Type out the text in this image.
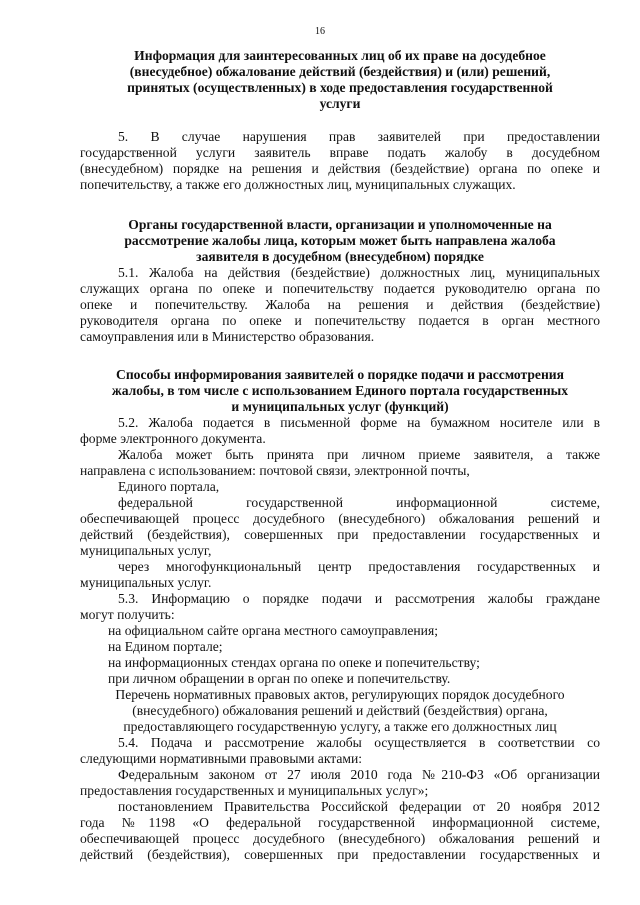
16

Информация для заинтересованных лиц об их праве на досудебное

(внесудебное) обжалование действий (бездействия) и (или) решений,

принятых (осуществленных) в ходе предоставления государственной

услуги

5. В случае нарушения прав заявителей при предоставлении

государственной услуги заявитель вправе подать жалобу в досудебном

(внесудебном) порядке на решения и действия (бездействие) органа по опеке и

попечительству, а также его должностных лиц, муниципальных служащих.

Органы государственной власти, организации и уполномоченные на

рассмотрение жалобы лица, которым может быть направлена жалоба

заявителя в досудебном (внесудебном) порядке

5.1. Жалоба на действия (бездействие) должностных лиц, муниципальных

служащих органа по опеке и попечительству подается руководителю органа по

опеке и попечительству. Жалоба на решения и действия (бездействие)

руководителя органа по опеке и попечительству подается в орган местного

самоуправления или в Министерство образования.

Способы информирования заявителей о порядке подачи и рассмотрения

жалобы, в том числе с использованием Единого портала государственных

и муниципальных услуг (функций)

5.2. Жалоба подается в письменной форме на бумажном носителе или в

форме электронного документа.

Жалоба может быть принята при личном приеме заявителя, а также

направлена с использованием: почтовой связи, электронной почты,

Единого портала,

федеральной государственной информационной системе,

обеспечивающей процесс досудебного (внесудебного) обжалования решений и

действий (бездействия), совершенных при предоставлении государственных и

муниципальных услуг,

через многофункциональный центр предоставления государственных и

муниципальных услуг.

5.3. Информацию о порядке подачи и рассмотрения жалобы граждане

могут получить:

на официальном сайте органа местного самоуправления;

на Едином портале;

на информационных стендах органа по опеке и попечительству;

при личном обращении в орган по опеке и попечительству.

Перечень нормативных правовых актов, регулирующих порядок досудебного

(внесудебного) обжалования решений и действий (бездействия) органа,

предоставляющего государственную услугу, а также его должностных лиц

5.4. Подача и рассмотрение жалобы осуществляется в соответствии со

следующими нормативными правовыми актами:

Федеральным законом от 27 июля 2010 года №210-ФЗ «Об организации

предоставления государственных и муниципальных услуг»;

постановлением Правительства Российской федерации от 20 ноября 2012

года №1198 «О федеральной государственной информационной системе,

обеспечивающей процесс досудебного (внесудебного) обжалования решений и

действий (бездействия), совершенных при предоставлении государственных и
